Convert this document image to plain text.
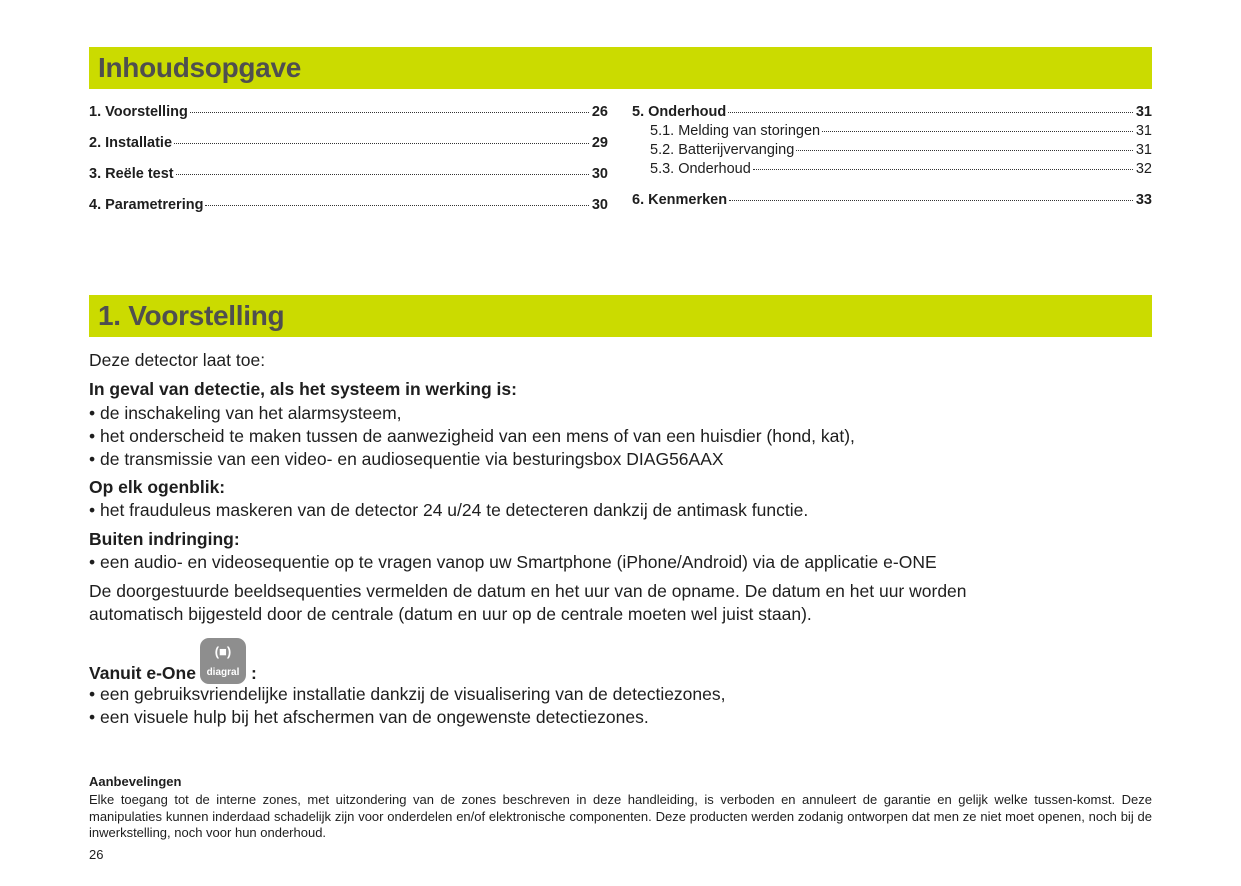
Inhoudsopgave
1. Voorstelling	26
2. Installatie	29
3. Reële test	30
4. Parametrering	30
5. Onderhoud	31
5.1. Melding van storingen	31
5.2. Batterijvervanging	31
5.3. Onderhoud	32
6. Kenmerken	33
1. Voorstelling
Deze detector laat toe:
In geval van detectie, als het systeem in werking is:
• de inschakeling van het alarmsysteem,
• het onderscheid te maken tussen de aanwezigheid van een mens of van een huisdier (hond, kat),
• de transmissie van een video- en audiosequentie via besturingsbox DIAG56AAX
Op elk ogenblik:
• het frauduleus maskeren van de detector 24 u/24 te detecteren dankzij de antimask functie.
Buiten indringing:
• een audio- en videosequentie op te vragen vanop uw Smartphone (iPhone/Android) via de applicatie e-ONE
De doorgestuurde beeldsequenties vermelden de datum en het uur van de opname. De datum en het uur worden
automatisch bijgesteld door de centrale (datum en uur op de centrale moeten wel juist staan).
Vanuit e-One
(■)
diagral :
• een gebruiksvriendelijke installatie dankzij de visualisering van de detectiezones,
• een visuele hulp bij het afschermen van de ongewenste detectiezones.
Aanbevelingen
Elke toegang tot de interne zones, met uitzondering van de zones beschreven in deze handleiding, is verboden en annuleert de garantie en gelijk welke tussen-komst. Deze manipulaties kunnen inderdaad schadelijk zijn voor onderdelen en/of elektronische componenten. Deze producten werden zodanig ontworpen dat men ze niet moet openen, noch bij de inwerkstelling, noch voor hun onderhoud.
26
